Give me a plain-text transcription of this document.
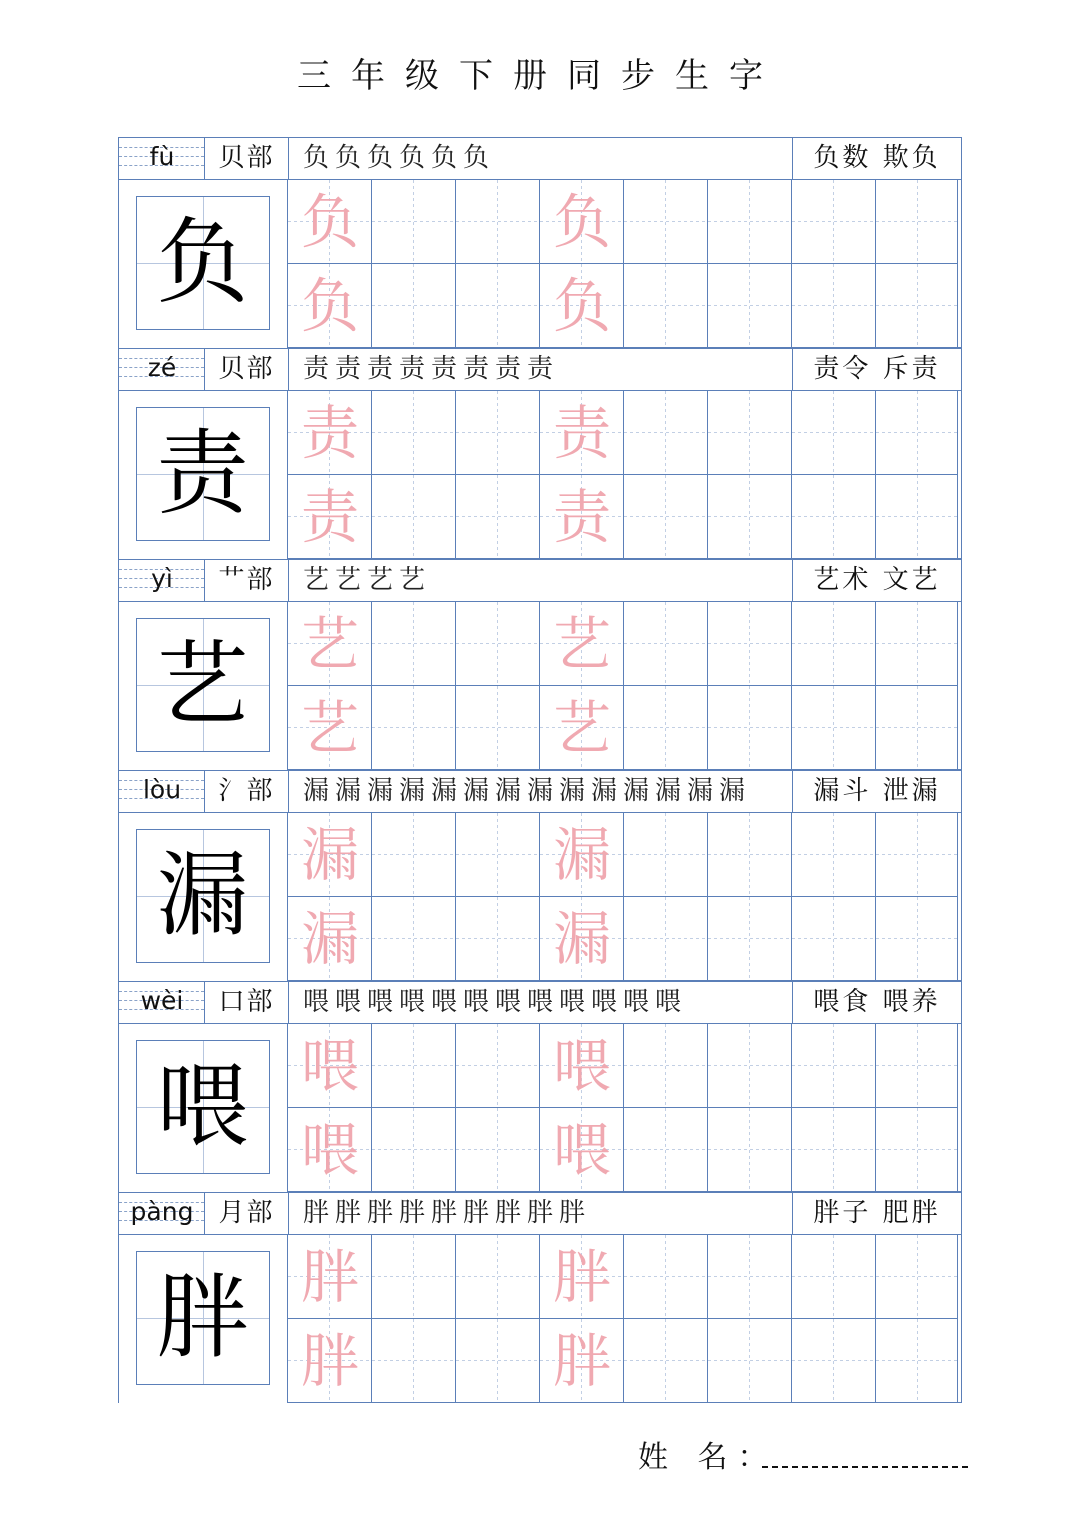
三年级下册同步生字
fù	贝部	负负负负负负	负数 欺负
负 负	负
负	负
zé	贝部	责责责责责责责责	责令 斥责
责 责	责
责	责
yì	艹部	艺艺艺艺	艺术 文艺
艺 艺	艺
艺	艺
lòu	氵部	漏漏漏漏漏漏漏漏漏漏漏漏漏漏	漏斗 泄漏
漏 漏	漏
漏	漏
wèi	口部	喂喂喂喂喂喂喂喂喂喂喂喂	喂食 喂养
喂 喂	喂
喂	喂
pàng 月部	胖胖胖胖胖胖胖胖胖	胖子 肥胖
胖 胖	胖
胖	胖
姓 名：
